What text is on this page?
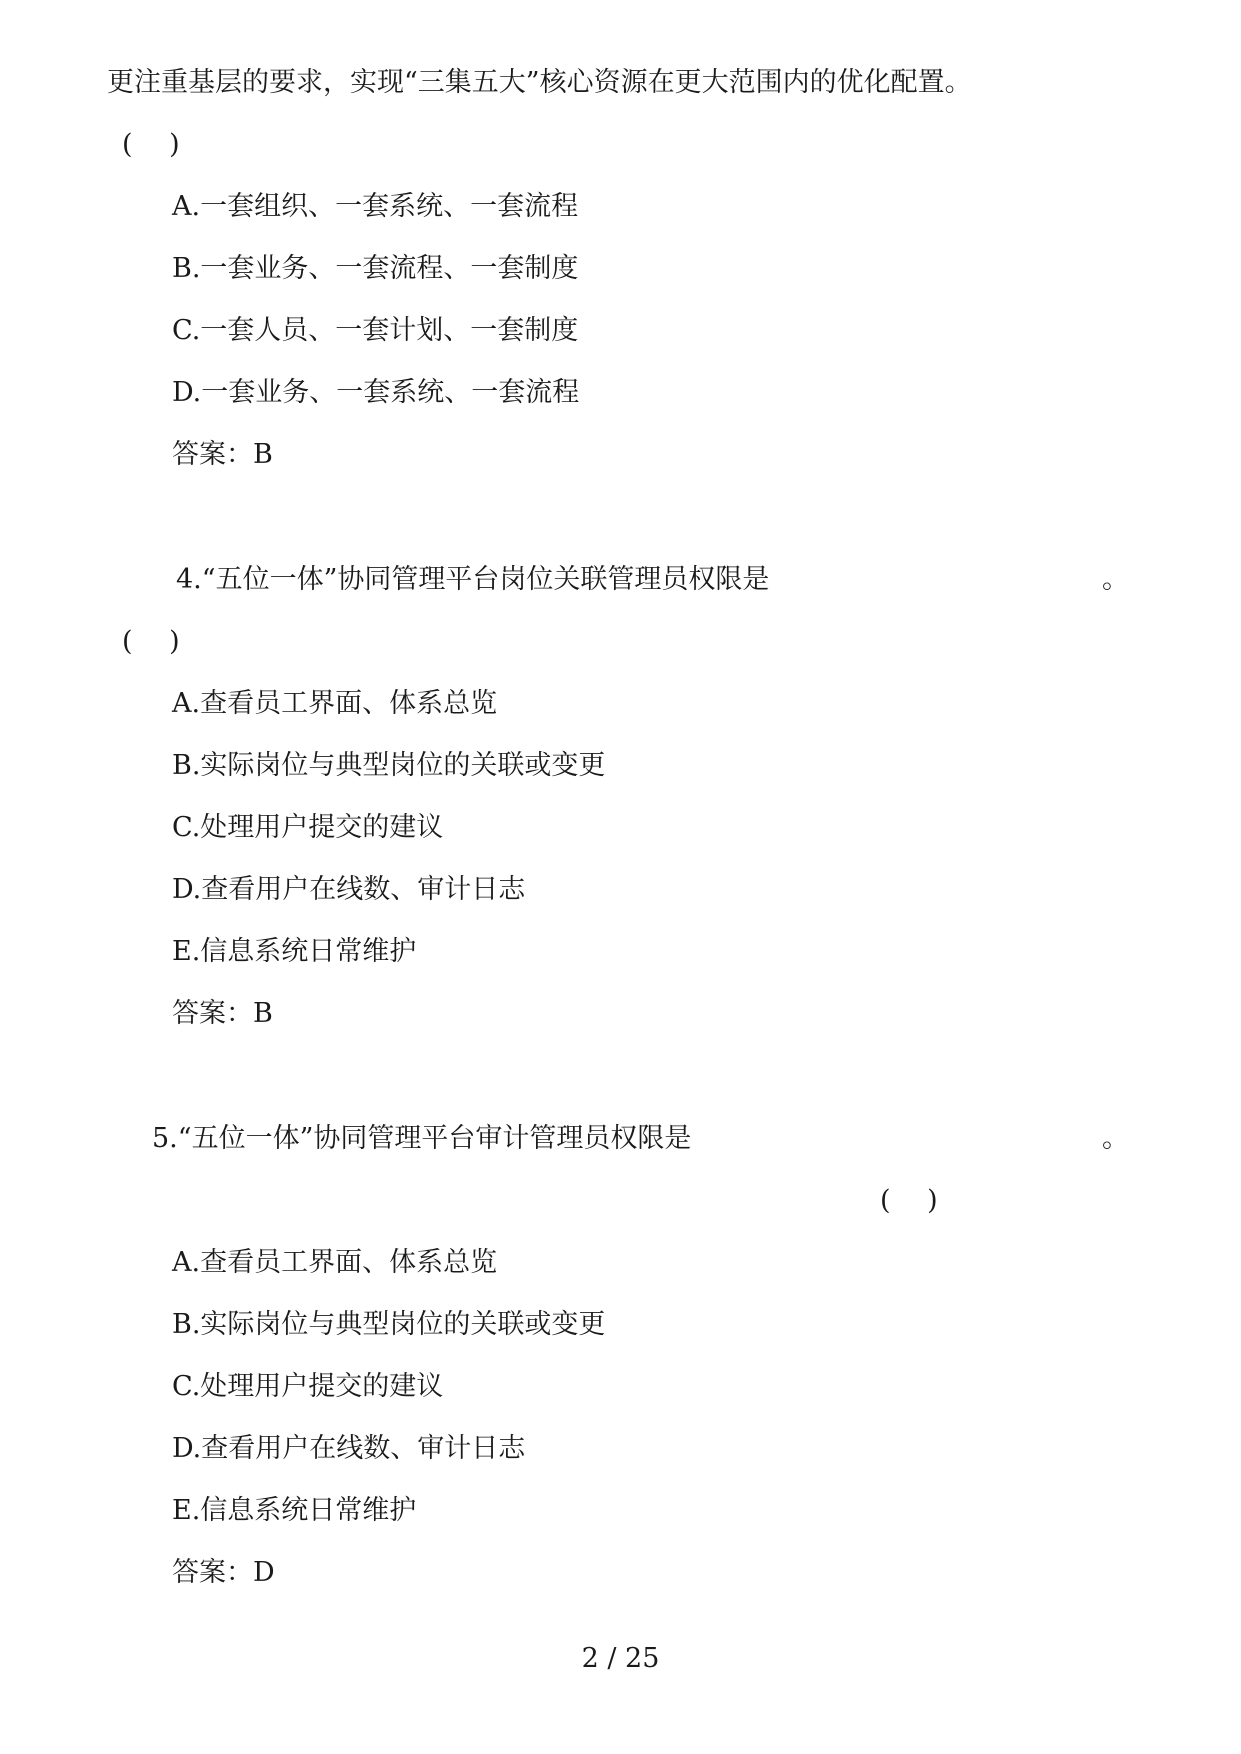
更注重基层的要求，实现“三集五大”核心资源在更大范围内的优化配置。
( )
A.一套组织、一套系统、一套流程
B.一套业务、一套流程、一套制度
C.一套人员、一套计划、一套制度
D.一套业务、一套系统、一套流程
答案：B
4.“五位一体”协同管理平台岗位关联管理员权限是	。
( )
A.查看员工界面、体系总览
B.实际岗位与典型岗位的关联或变更
C.处理用户提交的建议
D.查看用户在线数、审计日志
E.信息系统日常维护
答案：B
5.“五位一体”协同管理平台审计管理员权限是	。
( )
A.查看员工界面、体系总览
B.实际岗位与典型岗位的关联或变更
C.处理用户提交的建议
D.查看用户在线数、审计日志
E.信息系统日常维护
答案：D
2 / 25
